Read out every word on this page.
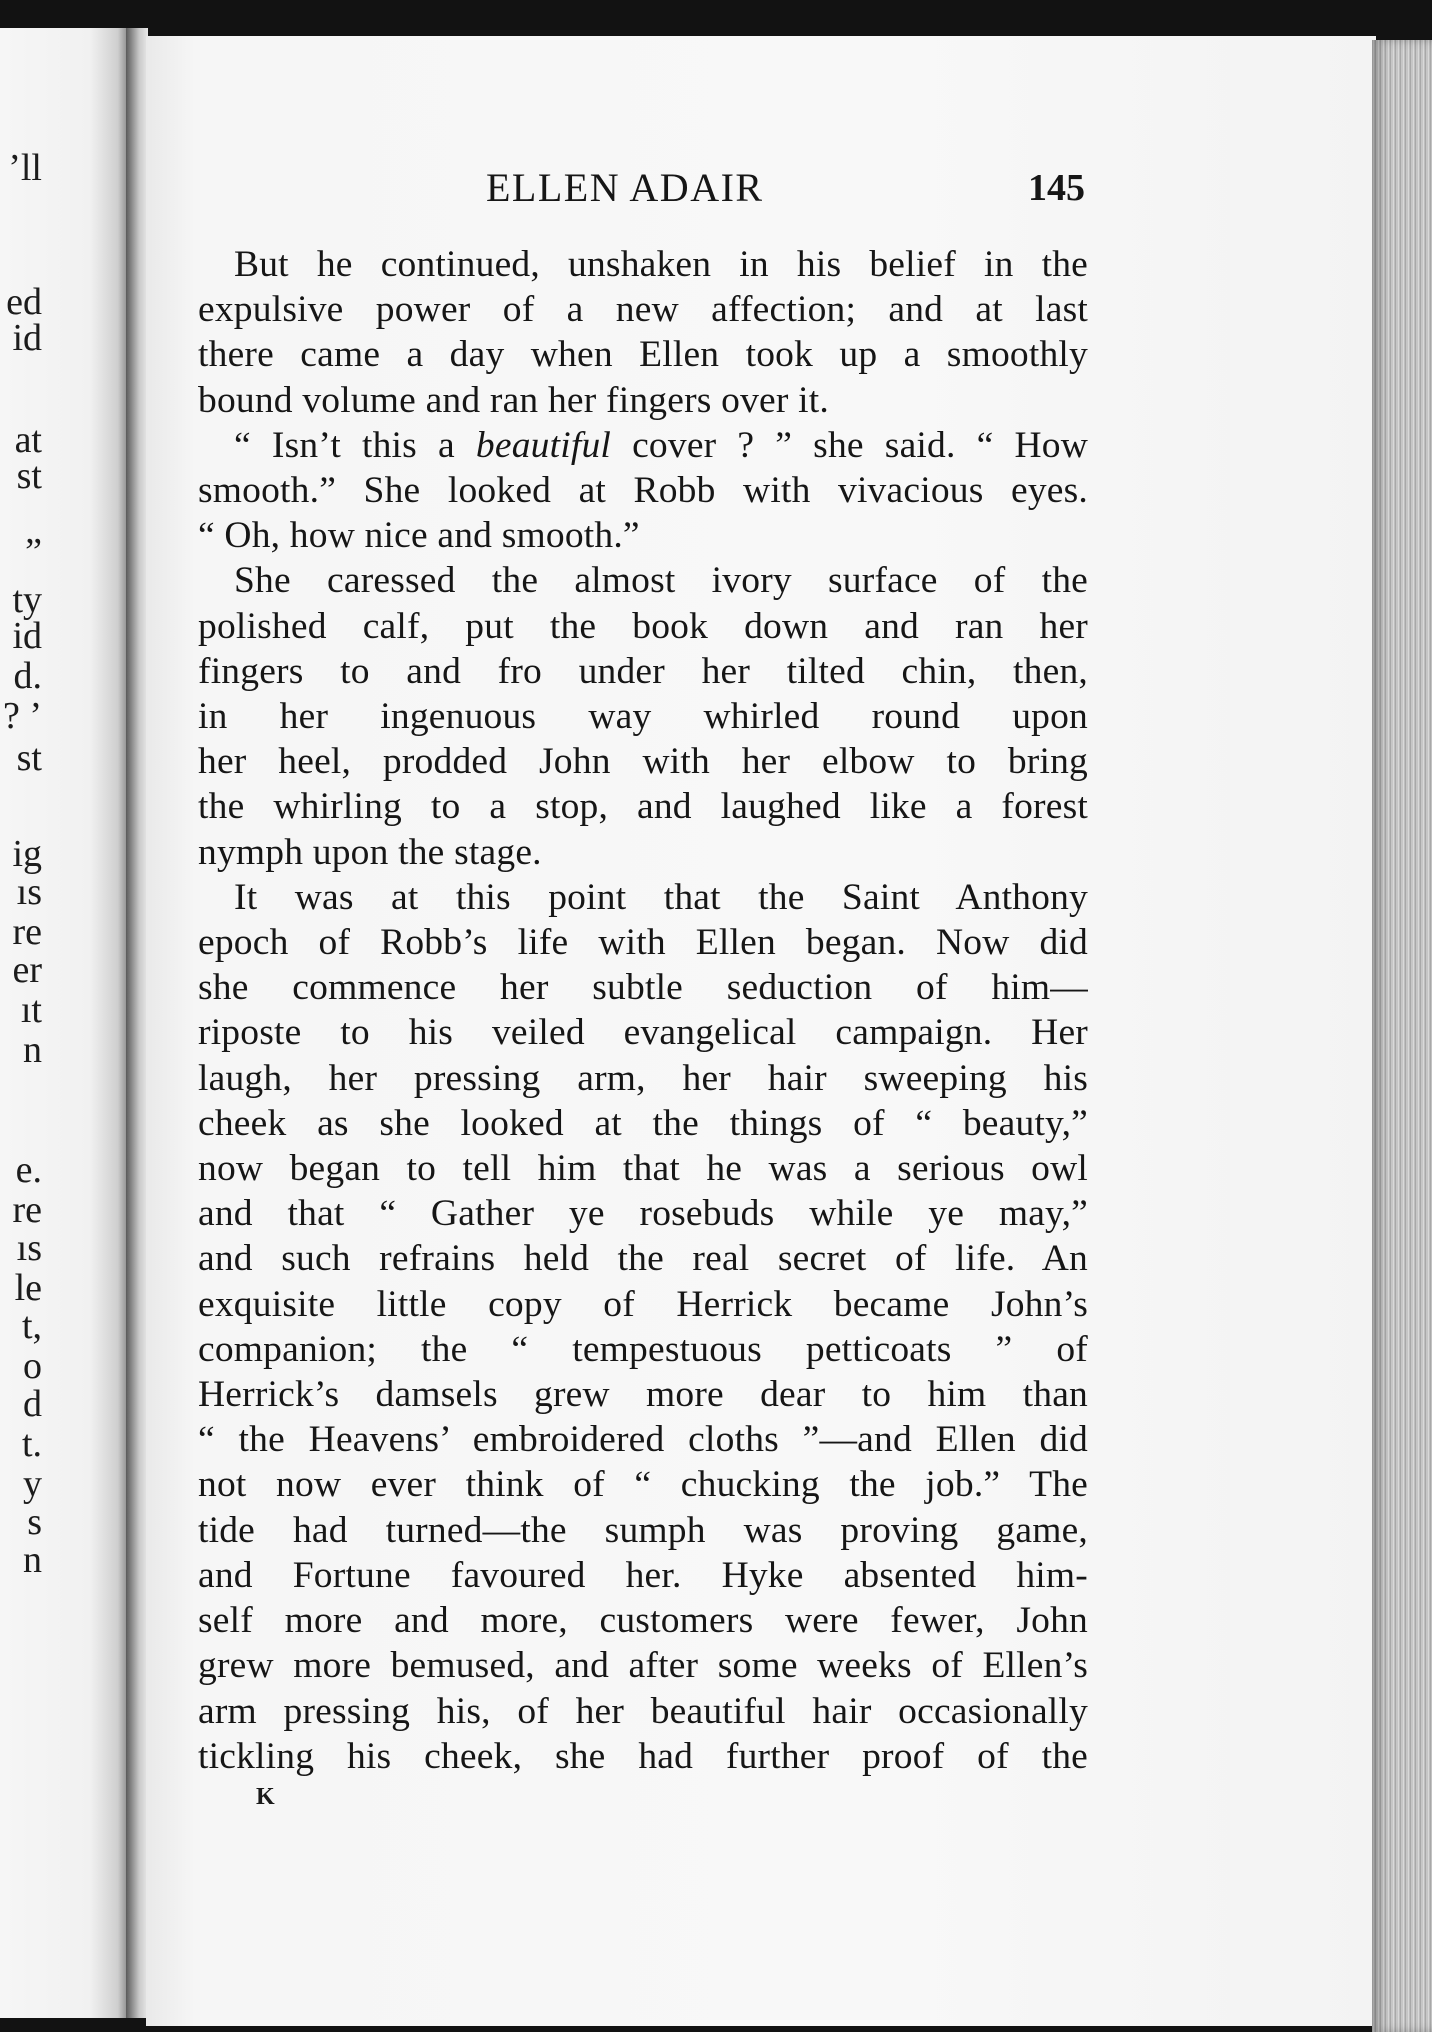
’ll
ed
id
at
st
”
ty
id
d.
? ’
st
ig
ıs
re
er
ıt
n
e.
re
ıs
le
t,
o
d
t.
y
s
n
ELLEN ADAIR	145
But he continued, unshaken in his belief in the
expulsive power of a new affection; and at last
there came a day when Ellen took up a smoothly
bound volume and ran her fingers over it.
“ Isn’t this a beautiful cover ? ” she said. “ How
smooth.” She looked at Robb with vivacious eyes.
“ Oh, how nice and smooth.”
She caressed the almost ivory surface of the
polished calf, put the book down and ran her
fingers to and fro under her tilted chin, then,
in her ingenuous way whirled round upon
her heel, prodded John with her elbow to bring
the whirling to a stop, and laughed like a forest
nymph upon the stage.
It was at this point that the Saint Anthony
epoch of Robb’s life with Ellen began. Now did
she commence her subtle seduction of him—
riposte to his veiled evangelical campaign. Her
laugh, her pressing arm, her hair sweeping his
cheek as she looked at the things of “ beauty,”
now began to tell him that he was a serious owl
and that “ Gather ye rosebuds while ye may,”
and such refrains held the real secret of life. An
exquisite little copy of Herrick became John’s
companion; the “ tempestuous petticoats ” of
Herrick’s damsels grew more dear to him than
“ the Heavens’ embroidered cloths ”—and Ellen did
not now ever think of “ chucking the job.” The
tide had turned—the sumph was proving game,
and Fortune favoured her. Hyke absented him-
self more and more, customers were fewer, John
grew more bemused, and after some weeks of Ellen’s
arm pressing his, of her beautiful hair occasionally
tickling his cheek, she had further proof of the
K
